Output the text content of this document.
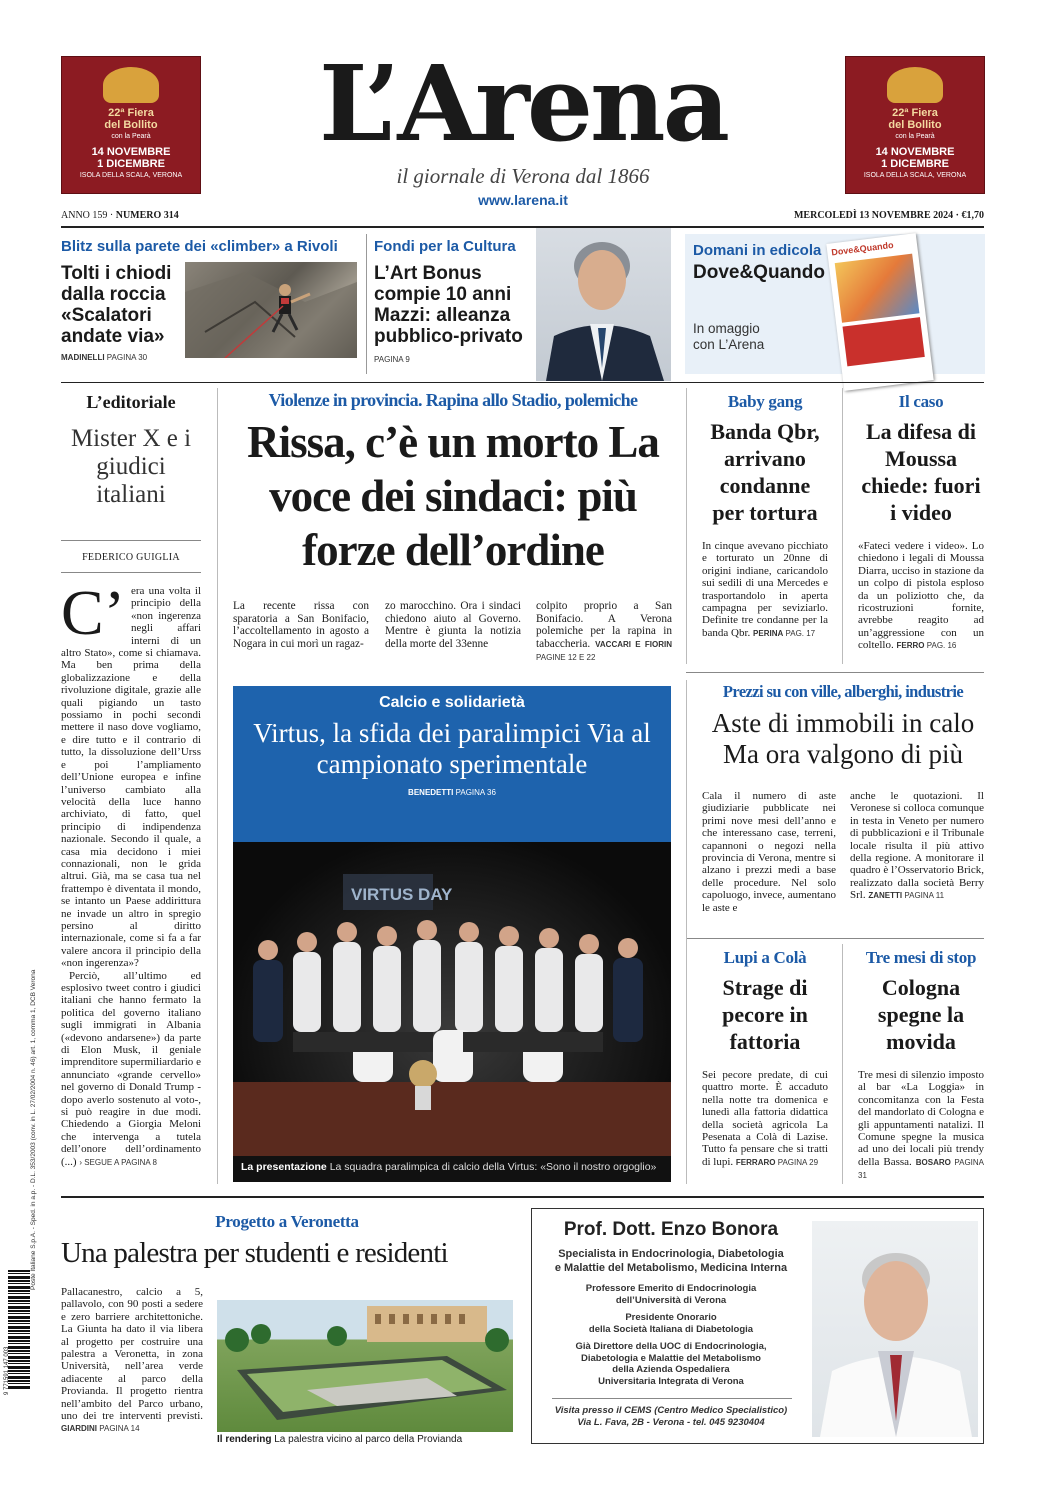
22ª Fiera
del Bollito
con la Pearà
14 NOVEMBRE
1 DICEMBRE
ISOLA DELLA SCALA, VERONA
22ª Fiera
del Bollito
con la Pearà
14 NOVEMBRE
1 DICEMBRE
ISOLA DELLA SCALA, VERONA
L’Arena
il giornale di Verona dal 1866
www.larena.it
ANNO 159 · NUMERO 314	MERCOLEDÌ 13 NOVEMBRE 2024 · €1,70
Blitz sulla parete dei «climber» a Rivoli
Tolti i chiodi dalla roccia «Scalatori andate via»
MADINELLI PAGINA 30
Fondi per la Cultura
L’Art Bonus compie 10 anni Mazzi: alleanza pubblico-privato
PAGINA 9
Domani in edicola
Dove&Quando
In omaggio
con L’Arena
Dove&Quando
L’editoriale
Mister X e i giudici italiani
FEDERICO GUIGLIA
C’ era una volta il principio della «non ingerenza negli affari interni di un altro Stato», come si chiamava. Ma ben prima della globalizzazione e della rivoluzione digitale, grazie alle quali pigiando un tasto possiamo in pochi secondi mettere il naso dove vogliamo, e dire tutto e il contrario di tutto, la dissoluzione dell’Urss e poi l’ampliamento dell’Unione europea e infine l’universo cambiato alla velocità della luce hanno archiviato, di fatto, quel principio di indipendenza nazionale. Secondo il quale, a casa mia decidono i miei connazionali, non le grida altrui. Già, ma se casa tua nel frattempo è diventata il mondo, se intanto un Paese addirittura ne invade un altro in spregio persino al diritto internazionale, come si fa a far valere ancora il principio della «non ingerenza»?
Perciò, all’ultimo ed esplosivo tweet contro i giudici italiani che hanno fermato la politica del governo italiano sugli immigrati in Albania («devono andarsene») da parte di Elon Musk, il geniale imprenditore supermiliardario e annunciato «grande cervello» nel governo di Donald Trump -dopo averlo sostenuto al voto-, si può reagire in due modi. Chiedendo a Giorgia Meloni che intervenga a tutela dell’onore dell’ordinamento (...) › SEGUE A PAGINA 8
Poste Italiane S.p.A. - Sped. in a.p. - D.L. 353/2003 (conv. in L. 27/02/2004 n. 46) art. 1, comma 1, DCB Verona
9 771591 147 003
Violenze in provincia. Rapina allo Stadio, polemiche
Rissa, c’è un morto La voce dei sindaci: più forze dell’ordine
La recente rissa con sparatoria a San Bonifacio, l’accoltellamento in agosto a Nogara in cui morì un ragaz-
zo marocchino. Ora i sindaci chiedono aiuto al Governo. Mentre è giunta la notizia della morte del 33enne
colpito proprio a San Bonifacio. A Verona polemiche per la rapina in tabaccheria. VACCARI E FIORIN PAGINE 12 E 22
Baby gang
Banda Qbr, arrivano condanne per tortura
In cinque avevano picchiato e torturato un 20nne di origini indiane, caricandolo sui sedili di una Mercedes e trasportandolo in aperta campagna per seviziarlo. Definite tre condanne per la banda Qbr. PERINA PAG. 17
Il caso
La difesa di Moussa chiede: fuori i video
«Fateci vedere i video». Lo chiedono i legali di Moussa Diarra, ucciso in stazione da un colpo di pistola esploso da un poliziotto che, da ricostruzioni fornite, avrebbe reagito ad un’aggressione con un coltello. FERRO PAG. 16
Calcio e solidarietà
Virtus, la sfida dei paralimpici Via al campionato sperimentale
BENEDETTI PAGINA 36
VIRTUS DAY
La presentazione La squadra paralimpica di calcio della Virtus: «Sono il nostro orgoglio»
Prezzi su con ville, alberghi, industrie
Aste di immobili in calo Ma ora valgono di più
Cala il numero di aste giudiziarie pubblicate nei primi nove mesi dell’anno e che interessano case, terreni, capannoni o negozi nella provincia di Verona, mentre si alzano i prezzi medi a base delle procedure. Nel solo capoluogo, invece, aumentano le aste e
anche le quotazioni. Il Veronese si colloca comunque in testa in Veneto per numero di pubblicazioni e il Tribunale locale risulta il più attivo della regione. A monitorare il quadro è l’Osservatorio Brick, realizzato dalla società Berry Srl. ZANETTI PAGINA 11
Lupi a Colà
Strage di pecore in fattoria
Sei pecore predate, di cui quattro morte. È accaduto nella notte tra domenica e lunedì alla fattoria didattica della società agricola La Pesenata a Colà di Lazise. Tutto fa pensare che si tratti di lupi. FERRARO PAGINA 29
Tre mesi di stop
Cologna spegne la movida
Tre mesi di silenzio imposto al bar «La Loggia» in concomitanza con la Festa del mandorlato di Cologna e gli appuntamenti natalizi. Il Comune spegne la musica ad uno dei locali più trendy della Bassa. BOSARO PAGINA 31
Progetto a Veronetta
Una palestra per studenti e residenti
Pallacanestro, calcio a 5, pallavolo, con 90 posti a sedere e zero barriere architettoniche. La Giunta ha dato il via libera al progetto per costruire una palestra a Veronetta, in zona Università, nell’area verde adiacente al parco della Provianda. Il progetto rientra nell’ambito del Parco urbano, uno dei tre interventi previsti. GIARDINI PAGINA 14
Il rendering La palestra vicino al parco della Provianda
Prof. Dott. Enzo Bonora
Specialista in Endocrinologia, Diabetologia
e Malattie del Metabolismo, Medicina Interna
Professore Emerito di Endocrinologia
dell’Università di Verona
Presidente Onorario
della Società Italiana di Diabetologia
Già Direttore della UOC di Endocrinologia,
Diabetologia e Malattie del Metabolismo
della Azienda Ospedaliera
Universitaria Integrata di Verona
Visita presso il CEMS (Centro Medico Specialistico)
Via L. Fava, 2B - Verona - tel. 045 9230404
